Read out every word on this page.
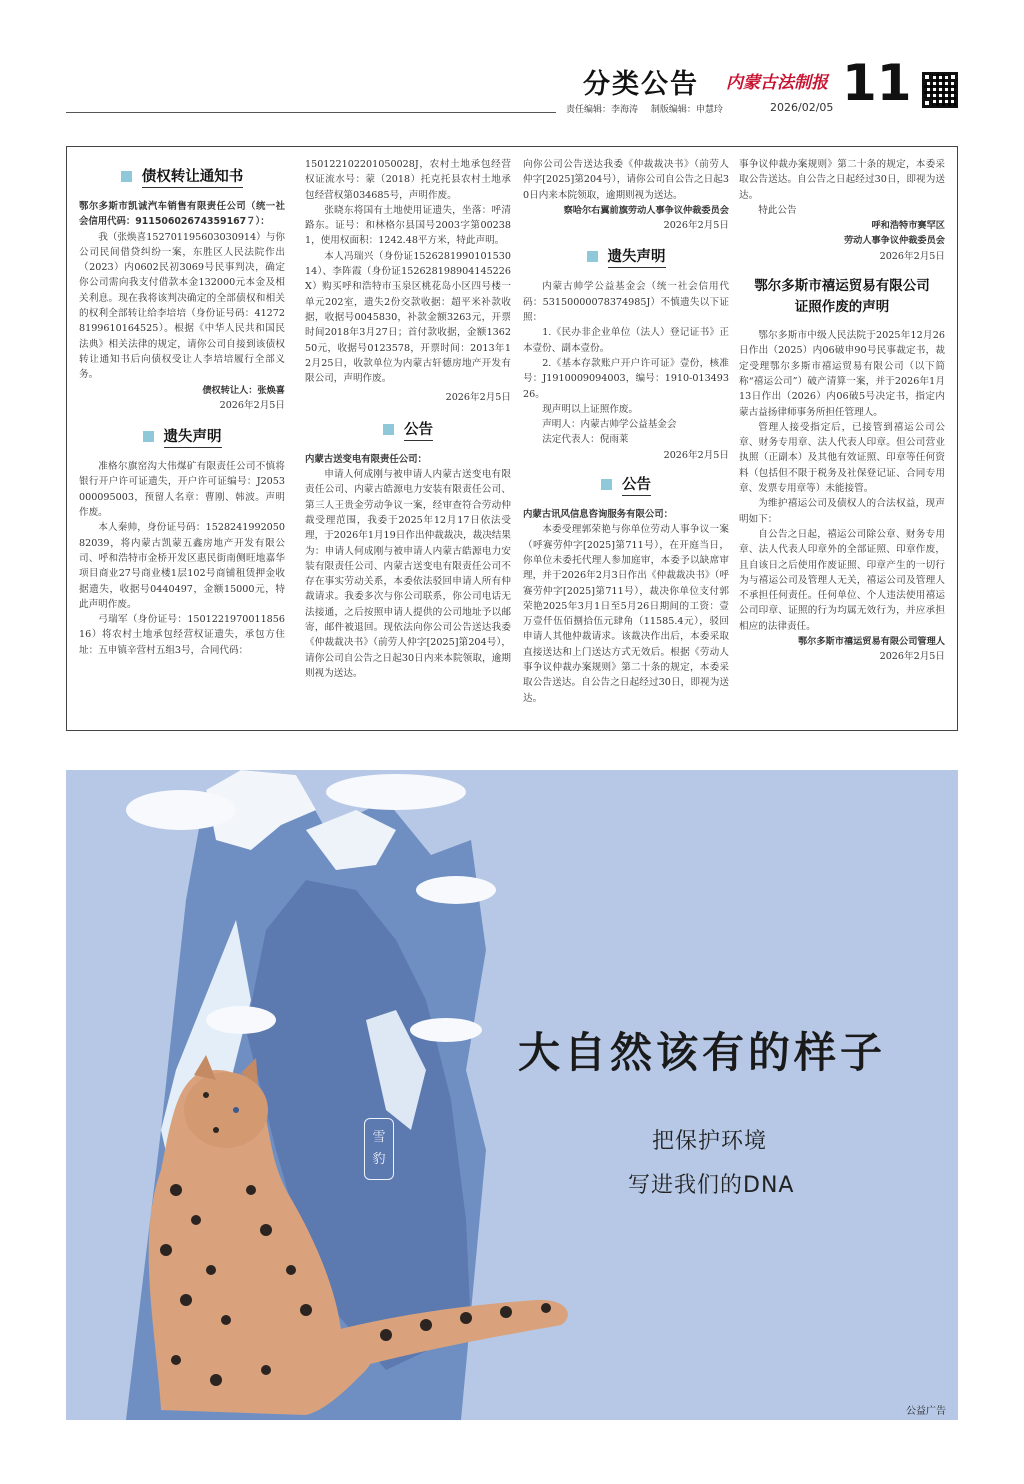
分类公告 内蒙古法制报 11
责任编辑：李海涛 制版编辑：申慧玲	2026/02/05
债权转让通知书

鄂尔多斯市凯诚汽车销售有限责任公司（统一社会信用代码：91150602674359167７）：

我（张焕喜152701195603030914）与你公司民间借贷纠纷一案，东胜区人民法院作出（2023）内0602民初3069号民事判决，确定你公司需向我支付借款本金132000元本金及相关利息。现在我将该判决确定的全部债权和相关的权利全部转让给李培培（身份证号码：412728199610164525）。根据《中华人民共和国民法典》相关法律的规定，请你公司自接到该债权转让通知书后向债权受让人李培培履行全部义务。

债权转让人：张焕喜

2026年2月5日

遗失声明

准格尔旗窑沟大伟煤矿有限责任公司不慎将银行开户许可证遗失，开户许可证编号：J2053000095003，预留人名章：曹刚、韩波。声明作废。

本人秦帅，身份证号码：152824199205082039，将内蒙古凯蒙五鑫房地产开发有限公司、呼和浩特市金桥开发区惠民街南侧旺地嘉华项目商业27号商业楼1层102号商铺租赁押金收据遗失，收据号0440497，金额15000元，特此声明作废。

弓瑞军（身份证号：150122197001185616）将农村土地承包经营权证遗失，承包方住址：五申镇辛营村五组3号，合同代码：

150122102201050028J，农村土地承包经营权证流水号：蒙（2018）托克托县农村土地承包经营权第034685号，声明作废。

张晓东将国有土地使用证遗失，坐落：呼清路东。证号：和林格尔县国号2003字第002381，使用权面积：1242.48平方米，特此声明。

本人冯瑞兴（身份证152628199010153014）、李阵霞（身份证152628198904145226X）购买呼和浩特市玉泉区桃花岛小区四号楼一单元202室，遗失2份交款收据：超平米补款收据，收据号0045830，补款金额3263元，开票时间2018年3月27日；首付款收据，金额136250元，收据号0123578，开票时间：2013年12月25日，收款单位为内蒙古轩德房地产开发有限公司，声明作废。

2026年2月5日

公告

内蒙古送变电有限责任公司：

申请人何成刚与被申请人内蒙古送变电有限责任公司、内蒙古皓源电力安装有限责任公司、第三人王贵金劳动争议一案，经审查符合劳动仲裁受理范围，我委于2025年12月17日依法受理，于2026年1月19日作出仲裁裁决，裁决结果为：申请人何成刚与被申请人内蒙古皓源电力安装有限责任公司、内蒙古送变电有限责任公司不存在事实劳动关系，本委依法驳回申请人所有仲裁请求。我委多次与你公司联系，你公司电话无法接通，之后按照申请人提供的公司地址予以邮寄，邮件被退回。现依法向你公司公告送达我委《仲裁裁决书》（前劳人仲字[2025]第204号），请你公司自公告之日起30日内来本院领取，逾期则视为送达。

向你公司公告送达我委《仲裁裁决书》（前劳人仲字[2025]第204号），请你公司自公告之日起30日内来本院领取，逾期则视为送达。

察哈尔右翼前旗劳动人事争议仲裁委员会

2026年2月5日

遗失声明

内蒙古帅学公益基金会（统一社会信用代码：53150000078374985J）不慎遗失以下证照：

1.《民办非企业单位（法人）登记证书》正本壹份、副本壹份。

2.《基本存款账户开户许可证》壹份，核准号：J1910009094003，编号：1910-01349326。

现声明以上证照作废。

声明人：内蒙古帅学公益基金会

法定代表人：倪雨莱

2026年2月5日

公告

内蒙古讯风信息咨询服务有限公司：

本委受理郭荣艳与你单位劳动人事争议一案（呼赛劳仲字[2025]第711号），在开庭当日，你单位未委托代理人参加庭审，本委予以缺席审理，并于2026年2月3日作出《仲裁裁决书》（呼赛劳仲字[2025]第711号），裁决你单位支付郭荣艳2025年3月1日至5月26日期间的工资：壹万壹仟伍佰捌拾伍元肆角（11585.4元），驳回申请人其他仲裁请求。该裁决作出后，本委采取直接送达和上门送达方式无效后。根据《劳动人事争议仲裁办案规则》第二十条的规定，本委采取公告送达。自公告之日起经过30日，即视为送达。

事争议仲裁办案规则》第二十条的规定，本委采取公告送达。自公告之日起经过30日，即视为送达。

特此公告

呼和浩特市赛罕区

劳动人事争议仲裁委员会

2026年2月5日

鄂尔多斯市禧运贸易有限公司
证照作废的声明

鄂尔多斯市中级人民法院于2025年12月26日作出（2025）内06破申90号民事裁定书，裁定受理鄂尔多斯市禧运贸易有限公司（以下简称“禧运公司”）破产清算一案，并于2026年1月13日作出（2026）内06破5号决定书，指定内蒙古益扬律师事务所担任管理人。

管理人接受指定后，已接管到禧运公司公章、财务专用章、法人代表人印章。但公司营业执照（正副本）及其他有效证照、印章等任何资料（包括但不限于税务及社保登记证、合同专用章、发票专用章等）未能接管。

为维护禧运公司及债权人的合法权益，现声明如下：

自公告之日起，禧运公司除公章、财务专用章、法人代表人印章外的全部证照、印章作废，且自该日之后使用作废证照、印章产生的一切行为与禧运公司及管理人无关，禧运公司及管理人不承担任何责任。任何单位、个人违法使用禧运公司印章、证照的行为均属无效行为，并应承担相应的法律责任。

鄂尔多斯市禧运贸易有限公司管理人

2026年2月5日

雪
豹
大自然该有的样子
把保护环境
写进我们的DNA
公益广告
